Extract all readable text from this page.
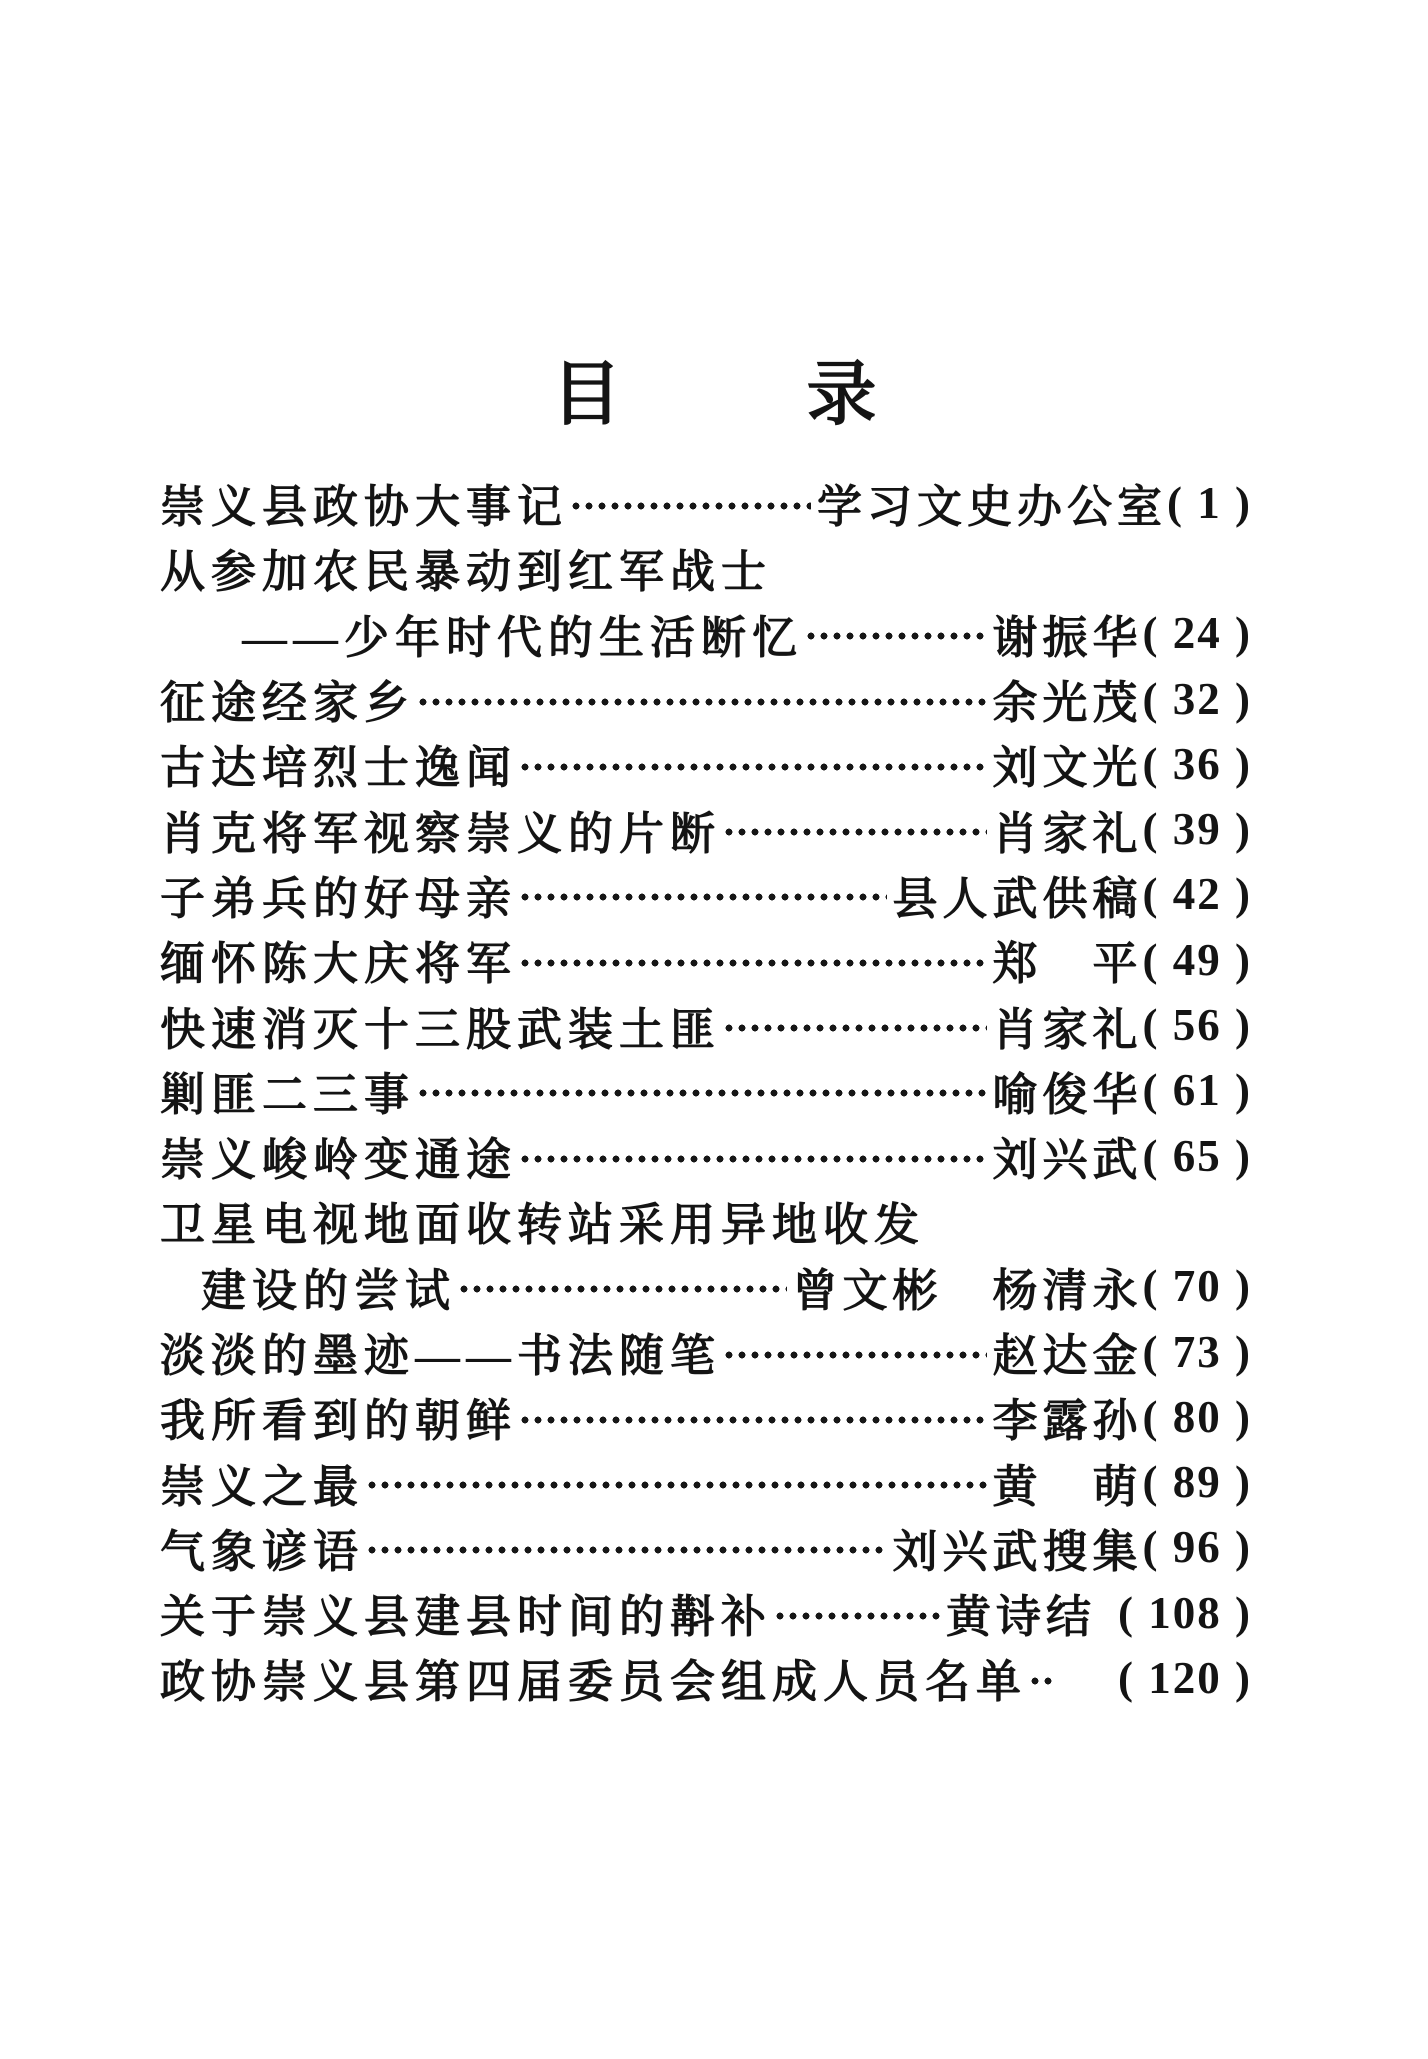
目	录
崇义县政协大事记	学习文史办公室 ( 1 )
从参加农民暴动到红军战士
——少年时代的生活断忆	谢振华 ( 24 )
征途经家乡	余光茂 ( 32 )
古达培烈士逸闻	刘文光 ( 36 )
肖克将军视察崇义的片断	肖家礼 ( 39 )
子弟兵的好母亲	县人武供稿 ( 42 )
缅怀陈大庆将军	郑　平 ( 49 )
快速消灭十三股武装土匪	肖家礼 ( 56 )
剿匪二三事	喻俊华 ( 61 )
崇义峻岭变通途	刘兴武 ( 65 )
卫星电视地面收转站采用异地收发
建设的尝试	曾文彬　杨清永 ( 70 )
淡淡的墨迹——书法随笔	赵达金 ( 73 )
我所看到的朝鲜	李露孙 ( 80 )
崇义之最	黄　萌 ( 89 )
气象谚语	刘兴武搜集 ( 96 )
关于崇义县建县时间的斠补	黄诗结 ( 108 )
政协崇义县第四届委员会组成人员名单 ( 120 )
